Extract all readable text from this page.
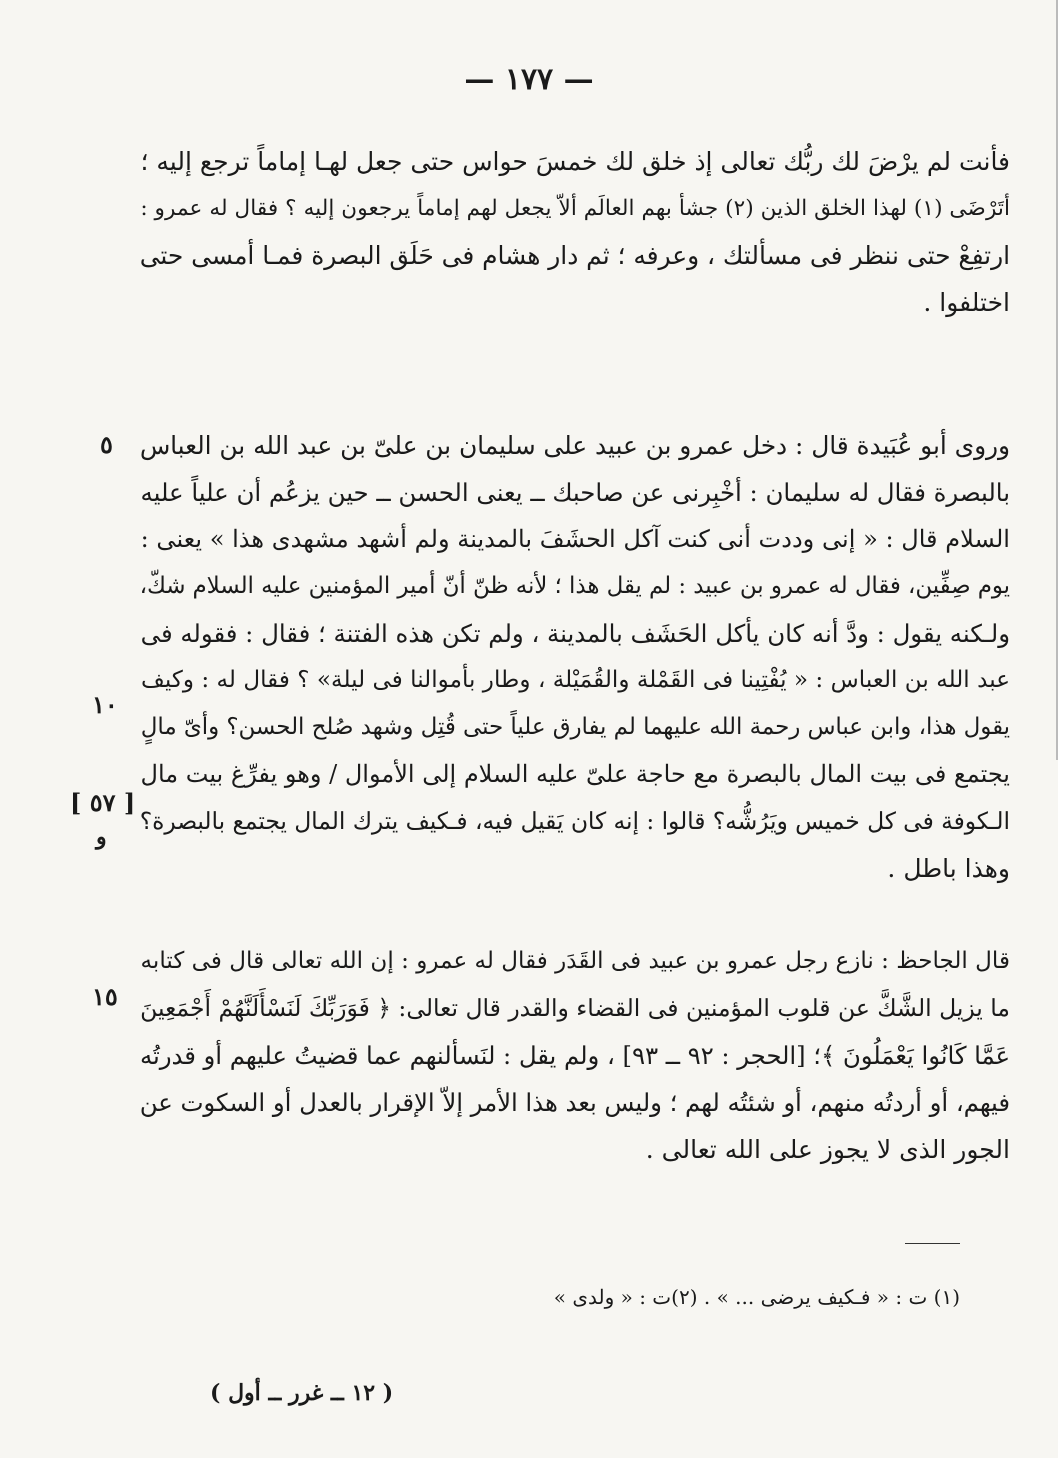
— ١٧٧ —
فأنت لم يرْضَ لك ربُّك تعالى إذ خلق لك خمسَ حواس حتى جعل لهـا إماماً ترجع إليه ؛
أتَرْضَى (١) لهذا الخلق الذين (٢) جشأ بهم العالَم ألاّ يجعل لهم إماماً يرجعون إليه ؟ فقال له عمرو :
ارتفِعْ حتى ننظر فى مسألتك ، وعرفه ؛ ثم دار هشام فى حَلَق البصرة فمـا أمسى حتى
اختلفوا .
٥ وروى أبو عُبَيدة قال : دخل عمرو بن عبيد على سليمان بن علىّ بن عبد الله بن العباس
بالبصرة فقال له سليمان : أخْبِرنى عن صاحبك ــ يعنى الحسن ــ حين يزعُم أن علياً عليه
السلام قال : « إنى وددت أنى كنت آكل الحشَفَ بالمدينة ولم أشهد مشهدى هذا » يعنى :
يوم صِفِّين، فقال له عمرو بن عبيد : لم يقل هذا ؛ لأنه ظنّ أنّ أمير المؤمنين عليه السلام شكّ،
ولـكنه يقول : ودَّ أنه كان يأكل الحَشَف بالمدينة ، ولم تكن هذه الفتنة ؛ فقال : فقوله فى
عبد الله بن العباس : « يُفْتِينا فى القَمْلة والقُمَيْلة ، وطار بأموالنا فى ليلة» ؟ فقال له : وكيف
يقول هذا، وابن عباس رحمة الله عليهما لم يفارق علياً حتى قُتِل وشهد صُلح الحسن؟ وأىّ مالٍ
يجتمع فى بيت المال بالبصرة مع حاجة علىّ عليه السلام إلى الأموال / وهو يفرِّغ بيت مال
الـكوفة فى كل خميس ويَرُشُّه؟ قالوا : إنه كان يَقيل فيه، فـكيف يترك المال يجتمع بالبصرة؟
وهذا باطل .
١٠
[ ٥٧ ]
و
قال الجاحظ : نازع رجل عمرو بن عبيد فى القَدَر فقال له عمرو : إن الله تعالى قال فى كتابه
ما يزيل الشَّكَّ عن قلوب المؤمنين فى القضاء والقدر قال تعالى: ﴿ فَوَرَبِّكَ لَنَسْأَلَنَّهُمْ أَجْمَعِينَ
عَمَّا كَانُوا يَعْمَلُونَ ﴾؛ [الحجر : ٩٢ ــ ٩٣] ، ولم يقل : لنَسألنهم عما قضيتُ عليهم أو قدرتُه
فيهم، أو أردتُه منهم، أو شئتُه لهم ؛ وليس بعد هذا الأمر إلاّ الإقرار بالعدل أو السكوت عن
الجور الذى لا يجوز على الله تعالى .
١٥
(١) ت : « فـكيف يرضى ... » . (٢)ت : « ولدى »
( ١٢ ــ غرر ــ أول )
